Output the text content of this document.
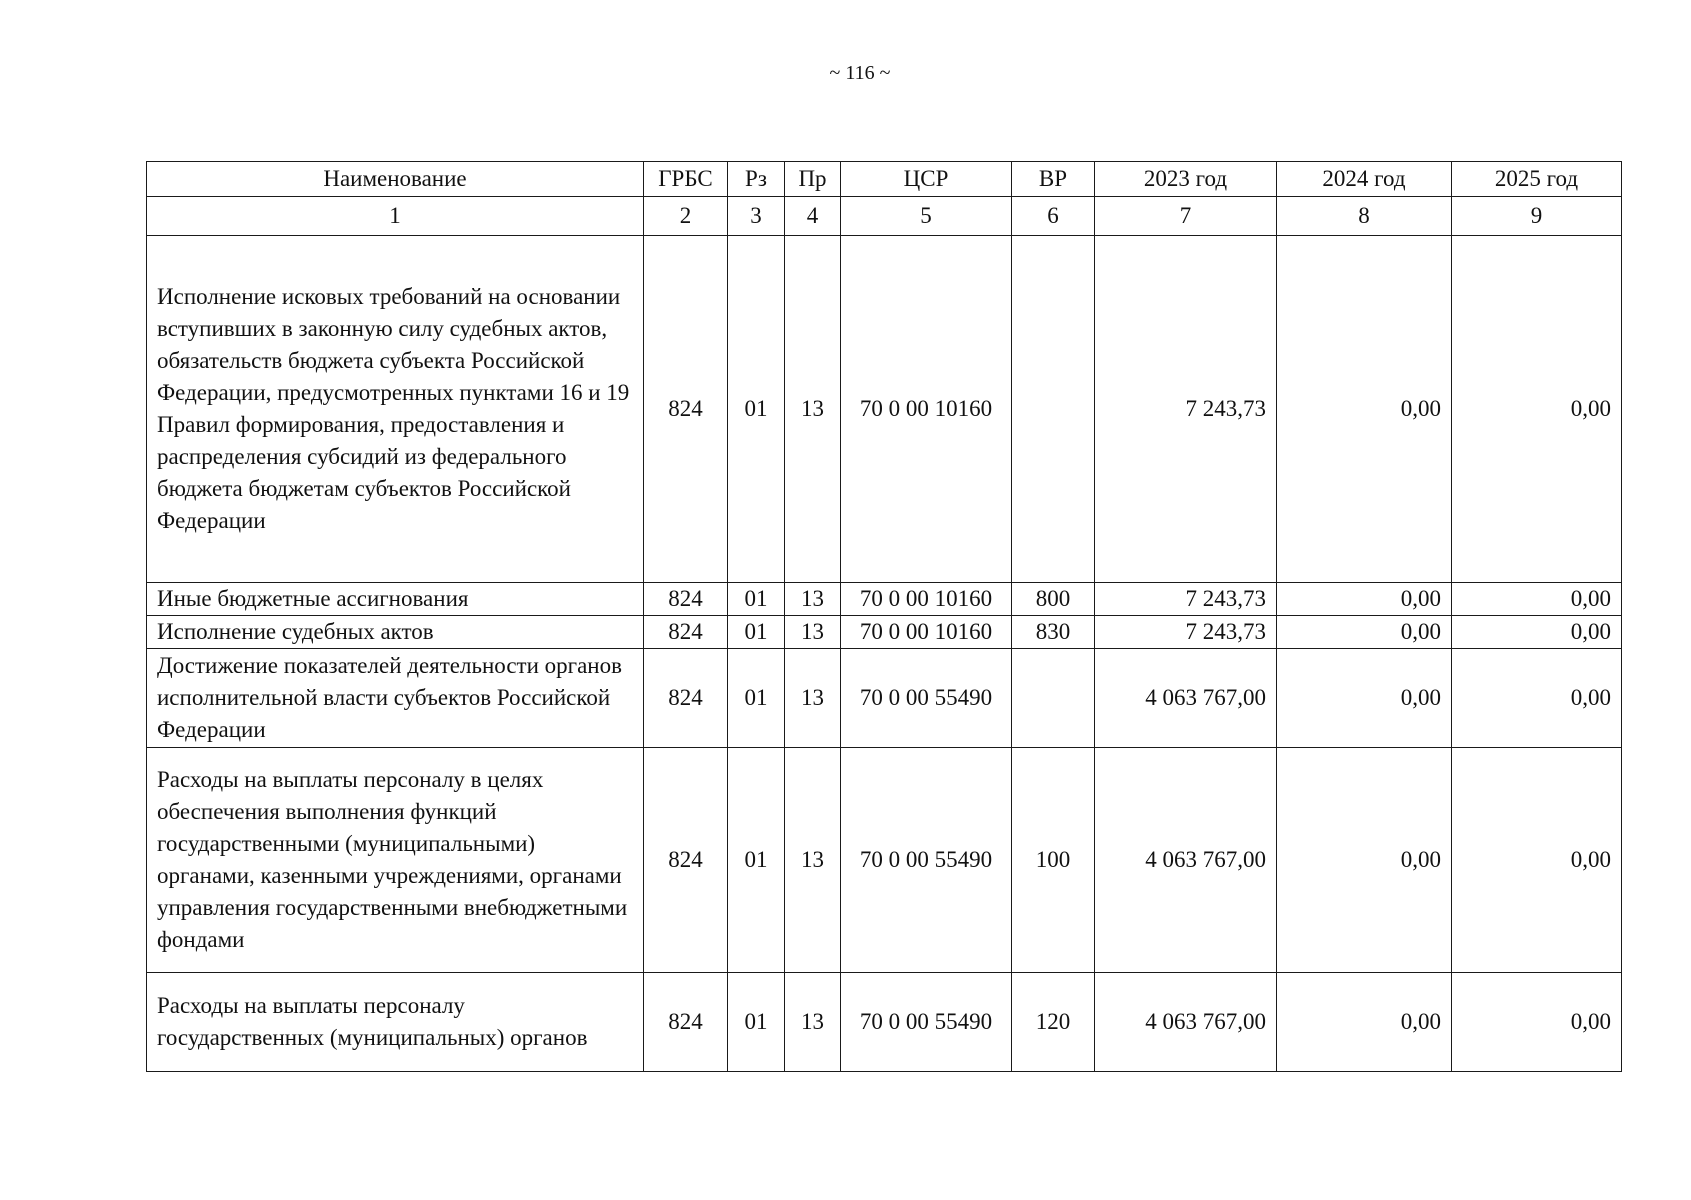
~ 116 ~
Наименование	ГРБС	Рз	Пр	ЦСР	ВР	2023 год	2024 год	2025 год
1	2	3	4	5	6	7	8	9
Исполнение исковых требований на основании вступивших в законную силу судебных актов, обязательств бюджета субъекта Российской Федерации, предусмотренных пунктами 16 и 19 Правил формирования, предоставления и распределения субсидий из федерального бюджета бюджетам субъектов Российской Федерации	824	01	13	70 0 00 10160		7 243,73	0,00	0,00
Иные бюджетные ассигнования	824	01	13	70 0 00 10160	800	7 243,73	0,00	0,00
Исполнение судебных актов	824	01	13	70 0 00 10160	830	7 243,73	0,00	0,00
Достижение показателей деятельности органов исполнительной власти субъектов Российской Федерации	824	01	13	70 0 00 55490		4 063 767,00	0,00	0,00
Расходы на выплаты персоналу в целях обеспечения выполнения функций государственными (муниципальными) органами, казенными учреждениями, органами управления государственными внебюджетными фондами	824	01	13	70 0 00 55490	100	4 063 767,00	0,00	0,00
Расходы на выплаты персоналу государственных (муниципальных) органов	824	01	13	70 0 00 55490	120	4 063 767,00	0,00	0,00
